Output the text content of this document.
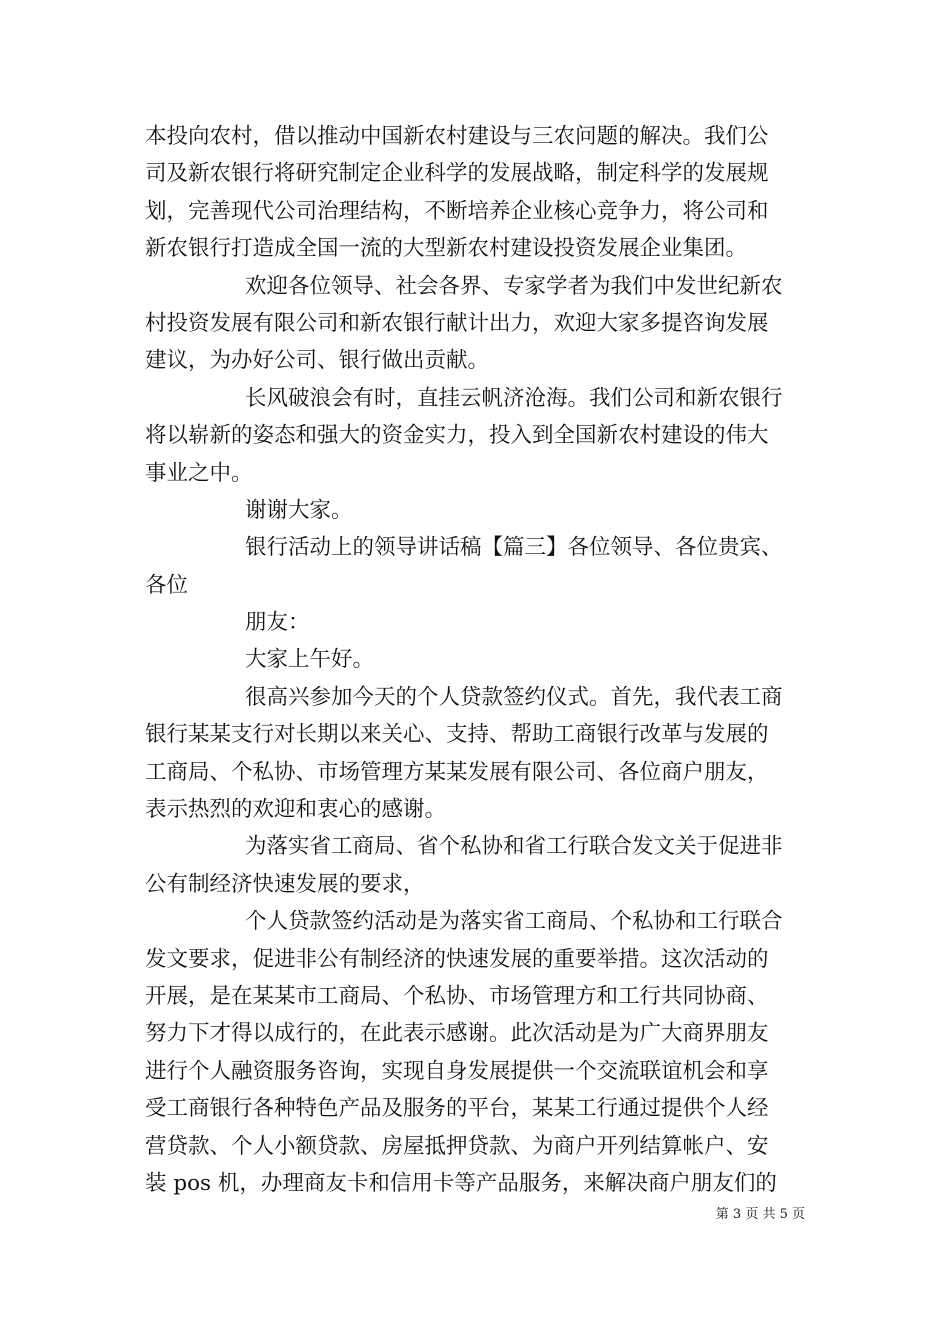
本投向农村，借以推动中国新农村建设与三农问题的解决。我们公
司及新农银行将研究制定企业科学的发展战略，制定科学的发展规
划，完善现代公司治理结构，不断培养企业核心竞争力，将公司和
新农银行打造成全国一流的大型新农村建设投资发展企业集团。
欢迎各位领导、社会各界、专家学者为我们中发世纪新农
村投资发展有限公司和新农银行献计出力，欢迎大家多提咨询发展
建议，为办好公司、银行做出贡献。
长风破浪会有时，直挂云帆济沧海。我们公司和新农银行
将以崭新的姿态和强大的资金实力，投入到全国新农村建设的伟大
事业之中。
谢谢大家。
银行活动上的领导讲话稿【篇三】各位领导、各位贵宾、
各位
朋友：
大家上午好。
很高兴参加今天的个人贷款签约仪式。首先，我代表工商
银行某某支行对长期以来关心、支持、帮助工商银行改革与发展的
工商局、个私协、市场管理方某某发展有限公司、各位商户朋友，
表示热烈的欢迎和衷心的感谢。
为落实省工商局、省个私协和省工行联合发文关于促进非
公有制经济快速发展的要求，
个人贷款签约活动是为落实省工商局、个私协和工行联合
发文要求，促进非公有制经济的快速发展的重要举措。这次活动的
开展，是在某某市工商局、个私协、市场管理方和工行共同协商、
努力下才得以成行的，在此表示感谢。此次活动是为广大商界朋友
进行个人融资服务咨询，实现自身发展提供一个交流联谊机会和享
受工商银行各种特色产品及服务的平台，某某工行通过提供个人经
营贷款、个人小额贷款、房屋抵押贷款、为商户开列结算帐户、安
装 pos 机，办理商友卡和信用卡等产品服务，来解决商户朋友们的
第 3 页 共 5 页
